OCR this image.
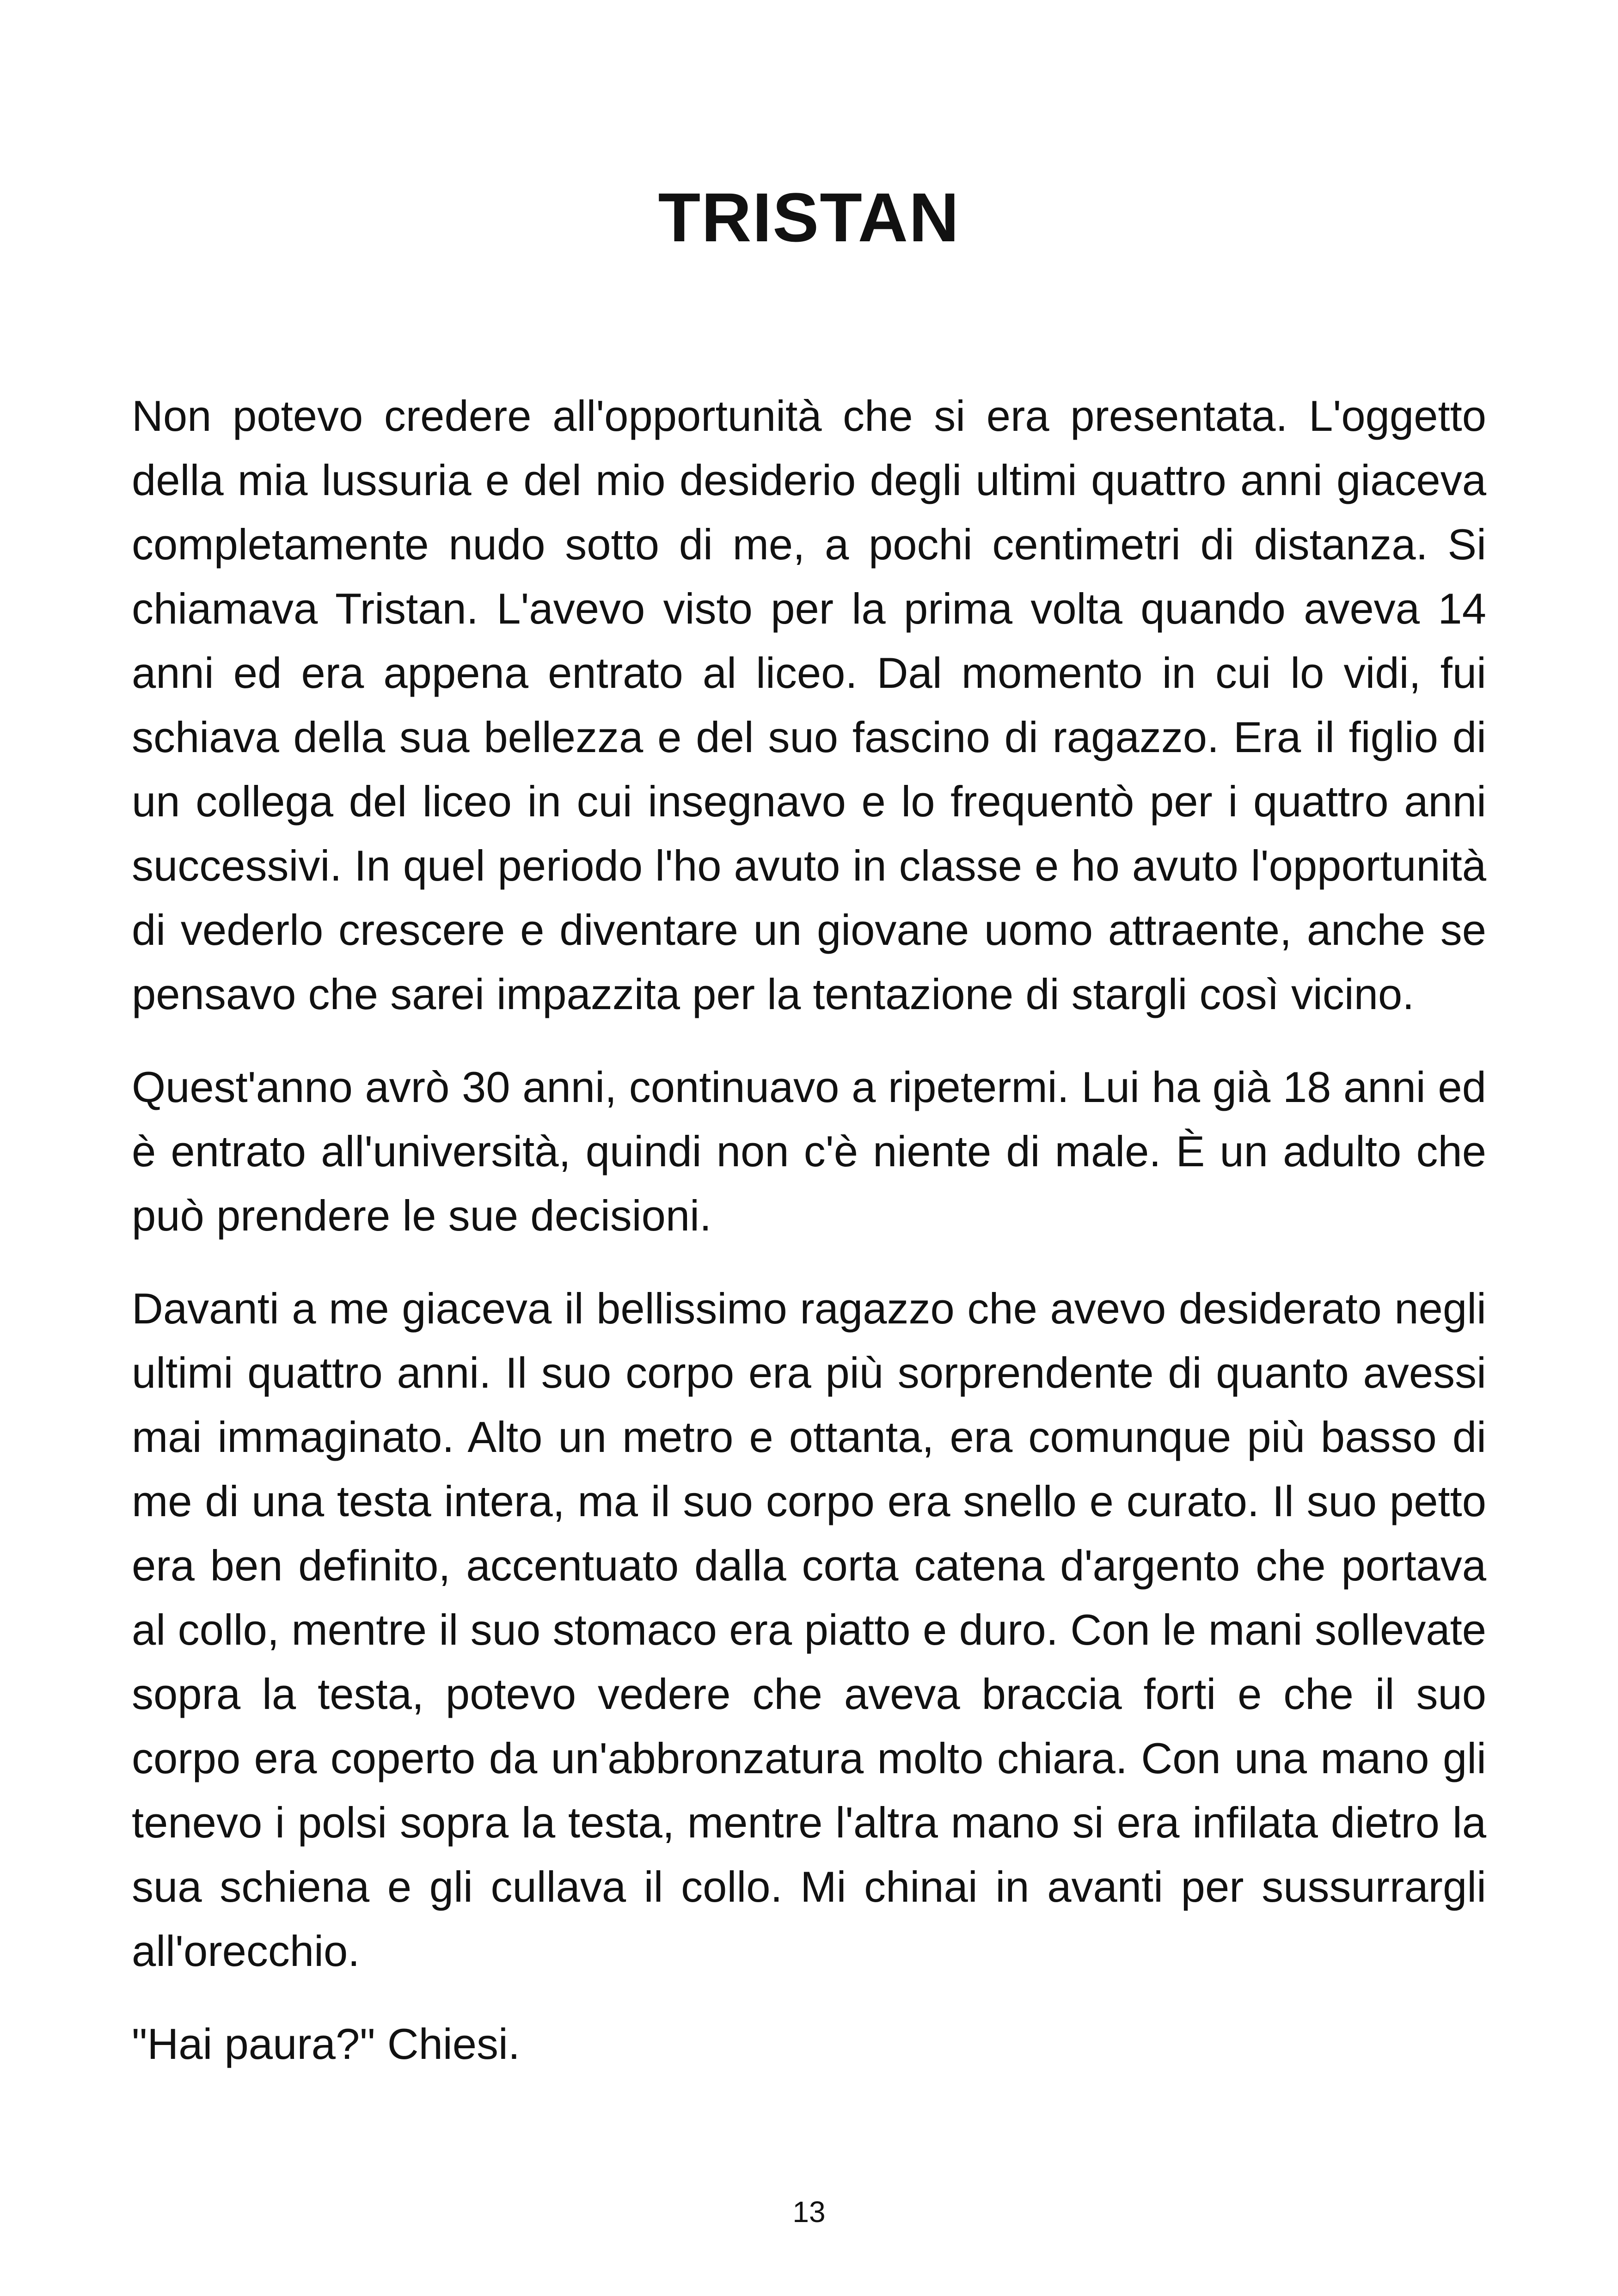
TRISTAN

Non potevo credere all'opportunità che si era presentata. L'oggetto della mia lussuria e del mio desiderio degli ultimi quattro anni giaceva completamente nudo sotto di me, a pochi centimetri di distanza. Si chiamava Tristan. L'avevo visto per la prima volta quando aveva 14 anni ed era appena entrato al liceo. Dal momento in cui lo vidi, fui schiava della sua bellezza e del suo fascino di ragazzo. Era il figlio di un collega del liceo in cui insegnavo e lo frequentò per i quattro anni successivi. In quel periodo l'ho avuto in classe e ho avuto l'opportunità di vederlo crescere e diventare un giovane uomo attraente, anche se pensavo che sarei impazzita per la tentazione di stargli così vicino.

Quest'anno avrò 30 anni, continuavo a ripetermi. Lui ha già 18 anni ed è entrato all'università, quindi non c'è niente di male. È un adulto che può prendere le sue decisioni.

Davanti a me giaceva il bellissimo ragazzo che avevo desiderato negli ultimi quattro anni. Il suo corpo era più sorprendente di quanto avessi mai immaginato. Alto un metro e ottanta, era comunque più basso di me di una testa intera, ma il suo corpo era snello e curato. Il suo petto era ben definito, accentuato dalla corta catena d'argento che portava al collo, mentre il suo stomaco era piatto e duro. Con le mani sollevate sopra la testa, potevo vedere che aveva braccia forti e che il suo corpo era coperto da un'abbronzatura molto chiara. Con una mano gli tenevo i polsi sopra la testa, mentre l'altra mano si era infilata dietro la sua schiena e gli cullava il collo. Mi chinai in avanti per sussurrargli all'orecchio.

"Hai paura?" Chiesi.

13
